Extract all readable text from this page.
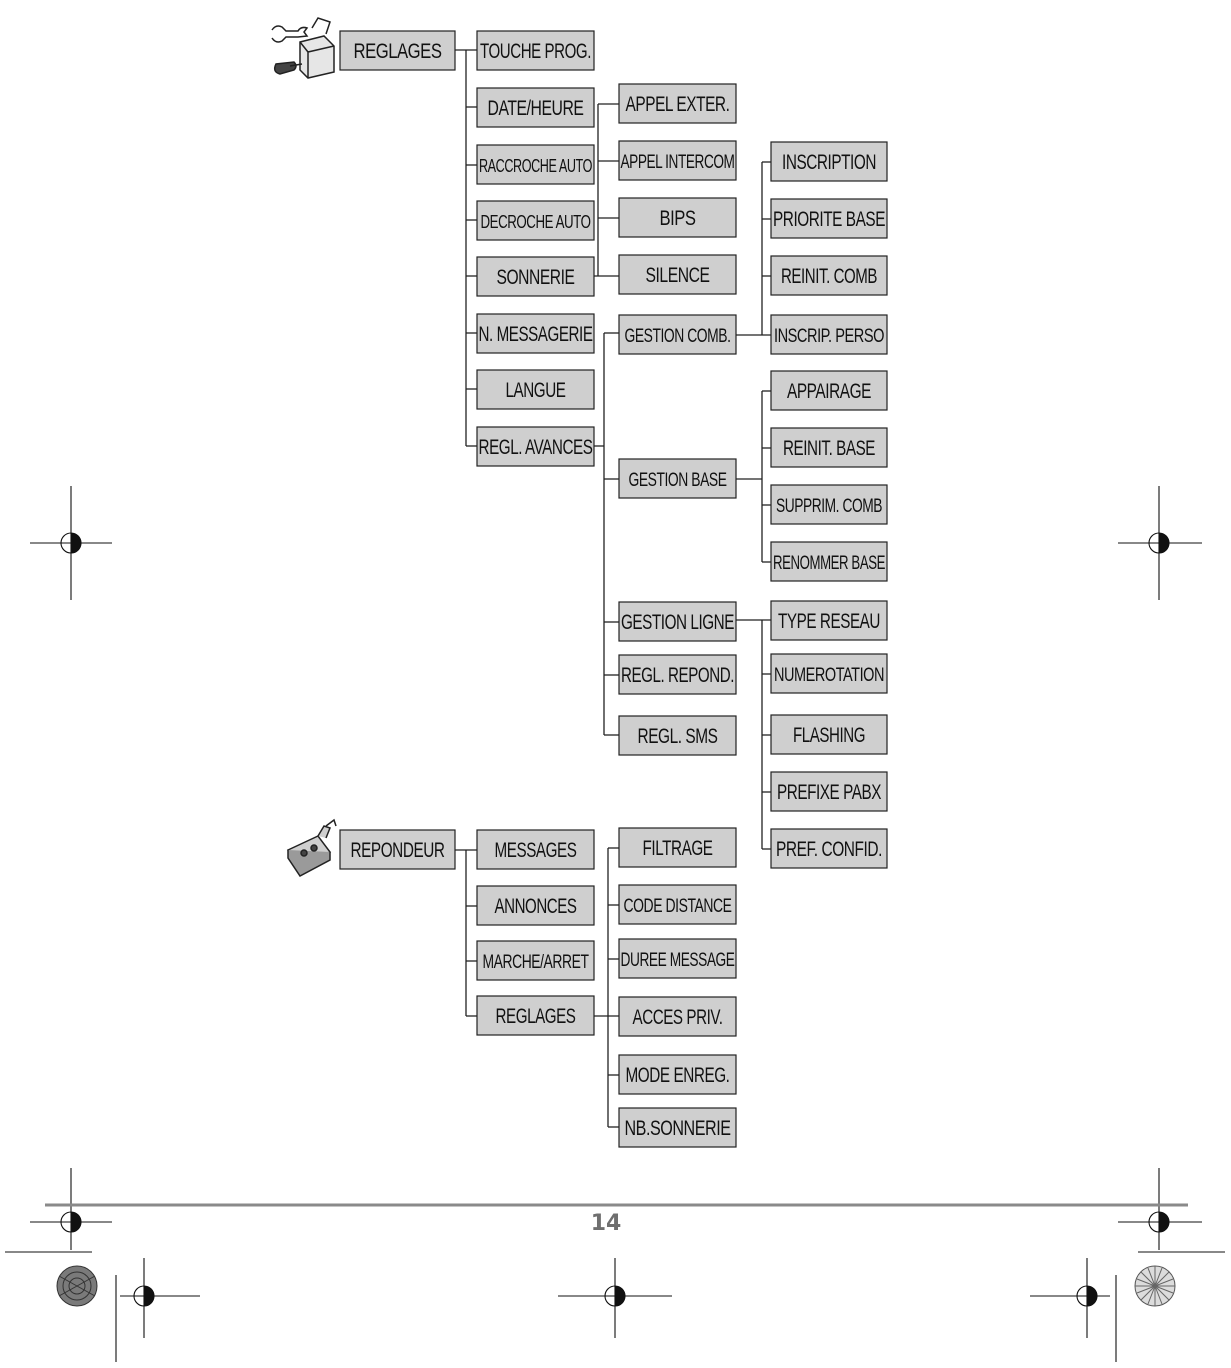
REGLAGES TOUCHE PROG.
DATE/HEURE
RACCROCHE AUTO
DECROCHE AUTO
SONNERIE
N. MESSAGERIE
LANGUE
REGL. AVANCES
APPEL EXTER.
APPEL INTERCOM
BIPS
SILENCE
GESTION COMB.
GESTION BASE
GESTION LIGNE
REGL. REPOND.
REGL. SMS
INSCRIPTION
PRIORITE BASE
REINIT. COMB
INSCRIP. PERSO
APPAIRAGE
REINIT. BASE
SUPPRIM. COMB
RENOMMER BASE
TYPE RESEAU
NUMEROTATION
FLASHING
PREFIXE PABX
PREF. CONFID.
REPONDEUR MESSAGES
ANNONCES
MARCHE/ARRET
REGLAGES
FILTRAGE
CODE DISTANCE
DUREE MESSAGE
ACCES PRIV.
MODE ENREG.
NB.SONNERIE
14
